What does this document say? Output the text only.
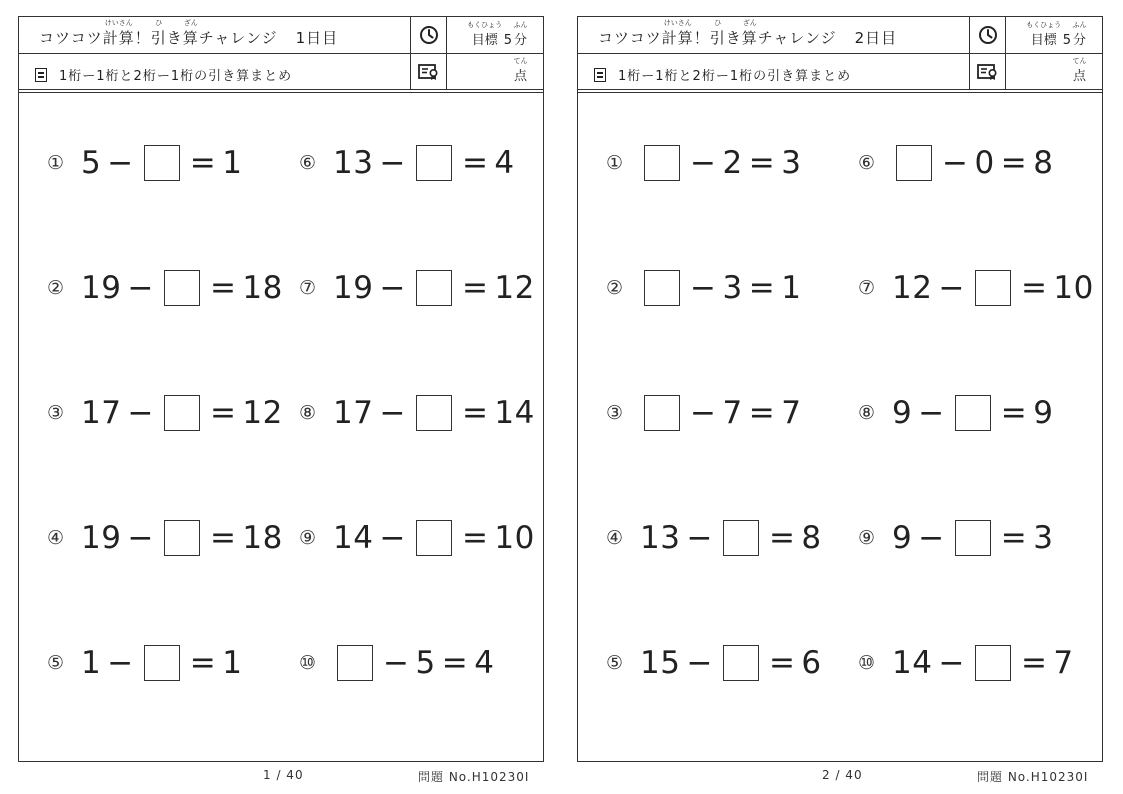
コツコツ
けいさん
計算 ！
ひ
引 き
ざん
算 チャレンジ 1日目
もくひょう
目標 5
ふん
分
1桁ー1桁と2桁ー1桁の引き算まとめ
てん
点
① 5 − = 1
② 19 − = 18
③ 17 − = 12
④ 19 − = 18
⑤ 1 − = 1
⑥ 13 − = 4
⑦ 19 − = 12
⑧ 17 − = 14
⑨ 14 − = 10
⑩	− 5 = 4
1 / 40	問題 No.H10230I
コツコツ
けいさん
計算 ！
ひ
引 き
ざん
算 チャレンジ 2日目
もくひょう
目標 5
ふん
分
1桁ー1桁と2桁ー1桁の引き算まとめ
てん
点
①	− 2 = 3
②	− 3 = 1
③	− 7 = 7
④ 13 − = 8
⑤ 15 − = 6
⑥	− 0 = 8
⑦ 12 − = 10
⑧ 9 − = 9
⑨ 9 − = 3
⑩ 14 − = 7
2 / 40	問題 No.H10230I
